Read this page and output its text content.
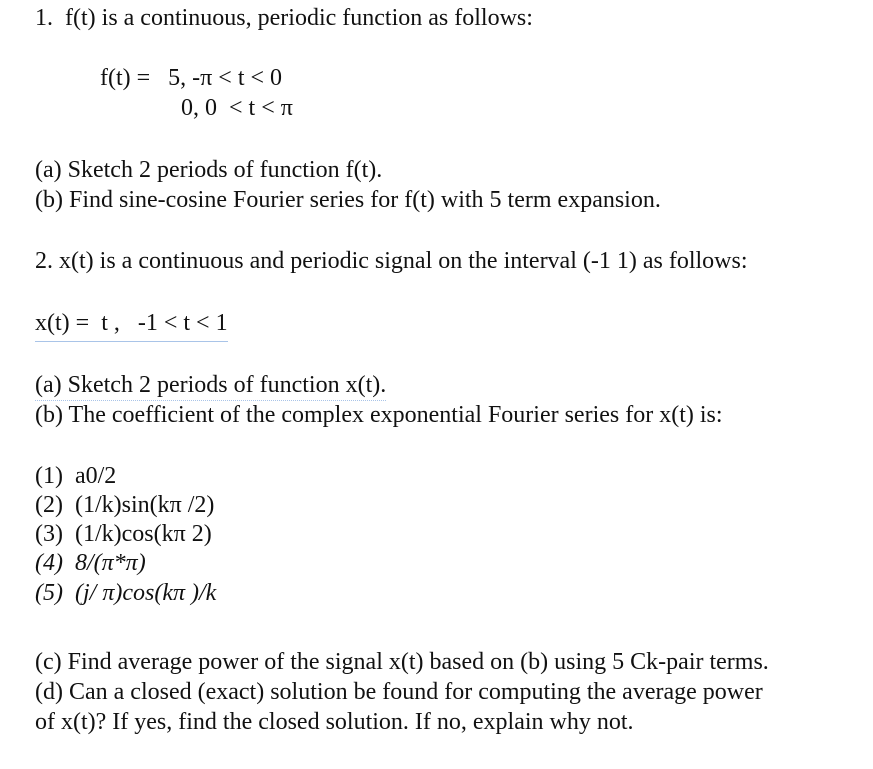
1.  f(t) is a continuous, periodic function as follows:
f(t) =   5, -π < t < 0
0, 0  < t < π
(a) Sketch 2 periods of function f(t).
(b) Find sine-cosine Fourier series for f(t) with 5 term expansion.
2. x(t) is a continuous and periodic signal on the interval (-1 1) as follows:
x(t) =  t ,   -1 < t < 1
(a) Sketch 2 periods of function x(t).
(b) The coefficient of the complex exponential Fourier series for x(t) is:
(1)  a0/2
(2)  (1/k)sin(kπ /2)
(3)  (1/k)cos(kπ 2)
(4)  8/(π*π)
(5)  (j/ π)cos(kπ )/k
(c) Find average power of the signal x(t) based on (b) using 5 Ck-pair terms.
(d) Can a closed (exact) solution be found for computing the average power
of x(t)? If yes, find the closed solution. If no, explain why not.
